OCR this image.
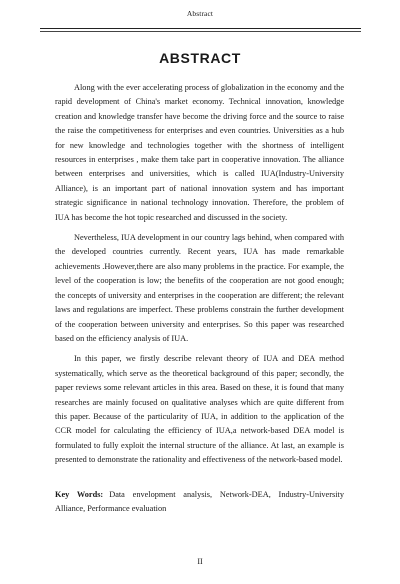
Abstract
ABSTRACT

Along with the ever accelerating process of globalization in the economy and the rapid development of China's market economy. Technical innovation, knowledge creation and knowledge transfer have become the driving force and the source to raise the raise the competitiveness for enterprises and even countries. Universities as a hub for new knowledge and technologies together with the shortness of intelligent resources in enterprises , make them take part in cooperative innovation. The alliance between enterprises and universities, which is called IUA(Industry-University Alliance), is an important part of national innovation system and has important strategic significance in national technology innovation. Therefore, the problem of IUA has become the hot topic researched and discussed in the society.

Nevertheless, IUA development in our country lags behind, when compared with the developed countries currently. Recent years, IUA has made remarkable achievements .However,there are also many problems in the practice. For example, the level of the cooperation is low; the benefits of the cooperation are not good enough; the concepts of university and enterprises in the cooperation are different; the relevant laws and regulations are imperfect. These problems constrain the further development of the cooperation between university and enterprises. So this paper was researched based on the efficiency analysis of IUA.

In this paper, we firstly describe relevant theory of IUA and DEA method systematically, which serve as the theoretical background of this paper; secondly, the paper reviews some relevant articles in this area. Based on these, it is found that many researches are mainly focused on qualitative analyses which are quite different from this paper. Because of the particularity of IUA, in addition to the application of the CCR model for calculating the efficiency of IUA,a network-based DEA model is formulated to fully exploit the internal structure of the alliance. At last, an example is presented to demonstrate the rationality and effectiveness of the network-based model.

Key Words: Data envelopment analysis, Network-DEA, Industry-University Alliance, Performance evaluation
II
